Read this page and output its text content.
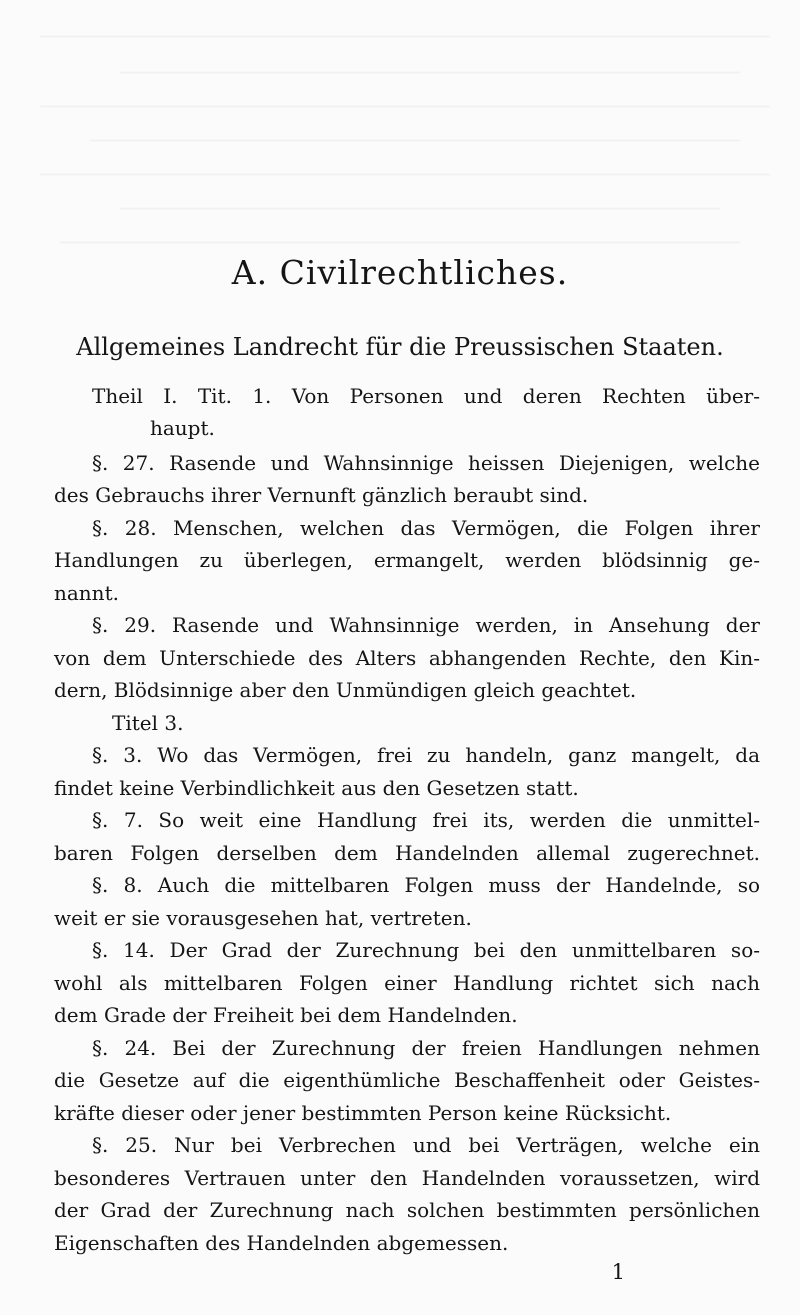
A. Civilrechtliches.
Allgemeines Landrecht für die Preussischen Staaten.
Theil I. Tit. 1. Von Personen und deren Rechten über-
haupt.
§. 27. Rasende und Wahnsinnige heissen Diejenigen, welche
des Gebrauchs ihrer Vernunft gänzlich beraubt sind.
§. 28. Menschen, welchen das Vermögen, die Folgen ihrer
Handlungen zu überlegen, ermangelt, werden blödsinnig ge-
nannt.
§. 29. Rasende und Wahnsinnige werden, in Ansehung der
von dem Unterschiede des Alters abhangenden Rechte, den Kin-
dern, Blödsinnige aber den Unmündigen gleich geachtet.
Titel 3.
§. 3. Wo das Vermögen, frei zu handeln, ganz mangelt, da
findet keine Verbindlichkeit aus den Gesetzen statt.
§. 7. So weit eine Handlung frei its, werden die unmittel-
baren Folgen derselben dem Handelnden allemal zugerechnet.
§. 8. Auch die mittelbaren Folgen muss der Handelnde, so
weit er sie vorausgesehen hat, vertreten.
§. 14. Der Grad der Zurechnung bei den unmittelbaren so-
wohl als mittelbaren Folgen einer Handlung richtet sich nach
dem Grade der Freiheit bei dem Handelnden.
§. 24. Bei der Zurechnung der freien Handlungen nehmen
die Gesetze auf die eigenthümliche Beschaffenheit oder Geistes-
kräfte dieser oder jener bestimmten Person keine Rücksicht.
§. 25. Nur bei Verbrechen und bei Verträgen, welche ein
besonderes Vertrauen unter den Handelnden voraussetzen, wird
der Grad der Zurechnung nach solchen bestimmten persönlichen
Eigenschaften des Handelnden abgemessen.
1
